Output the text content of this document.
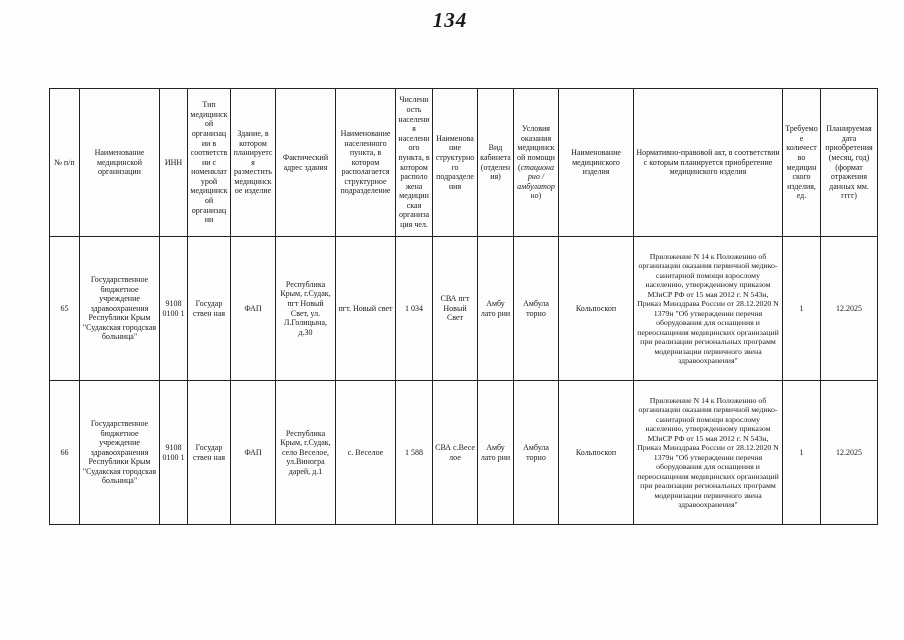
134
№ п/п	Наименование медицинской организации	ИНН	Тип медицинской организации в соответствии с номенклатурой медицинской организации	Здание, в котором планируется разместить медицинское изделие	Фактический адрес здания	Наименование населенного пункта, в котором располагается структурное подразделение	Численность населения населенного пункта, в котором расположена медицинская организация чел.	Наименование структурного подразделения	Вид кабинета (отделения)	Условия оказания медицинской помощи (стационарно / амбулаторно)	Наименование медицинского изделия	Нормативно-правовой акт, в соответствии с которым планируется приобретение медицинского изделия	Требуемое количество медицинского изделия, ед.	Планируемая дата приобретения (месяц, год) (формат отражения данных мм. гггг)
65	Государственное бюджетное учреждение здравоохранения Республики Крым "Судакская городская больница"	9108 0100 1	Государ ствен ная	ФАП	Республика Крым, г.Судак, пгт Новый Свет, ул. Л.Голицына, д.30	пгт. Новый свет	1 034	СВА пгт Новый Свет	Амбу лато рии	Амбула торно	Кольпоскоп	Приложение N 14 к Положению об организации оказания первичной медико-санитарной помощи взрослому населению, утвержденному приказом МЗиСР РФ от 15 мая 2012 г. N 543н, Приказ Минздрава России от 28.12.2020 N 1379н "Об утверждении перечня оборудования для оснащения и переоснащения медицинских организаций при реализации региональных программ модернизации первичного звена здравоохранения"	1	12.2025
66	Государственное бюджетное учреждение здравоохранения Республики Крым "Судакская городская больница"	9108 0100 1	Государ ствен ная	ФАП	Республика Крым, г.Судак, село Веселое, ул.Виногра дарей, д.1	с. Веселое	1 588	СВА с.Весе лое	Амбу лато рии	Амбула торно	Кольпоскоп	Приложение N 14 к Положению об организации оказания первичной медико-санитарной помощи взрослому населению, утвержденному приказом МЗиСР РФ от 15 мая 2012 г. N 543н, Приказ Минздрава России от 28.12.2020 N 1379н "Об утверждении перечня оборудования для оснащения и переоснащения медицинских организаций при реализации региональных программ модернизации первичного звена здравоохранения"	1	12.2025
